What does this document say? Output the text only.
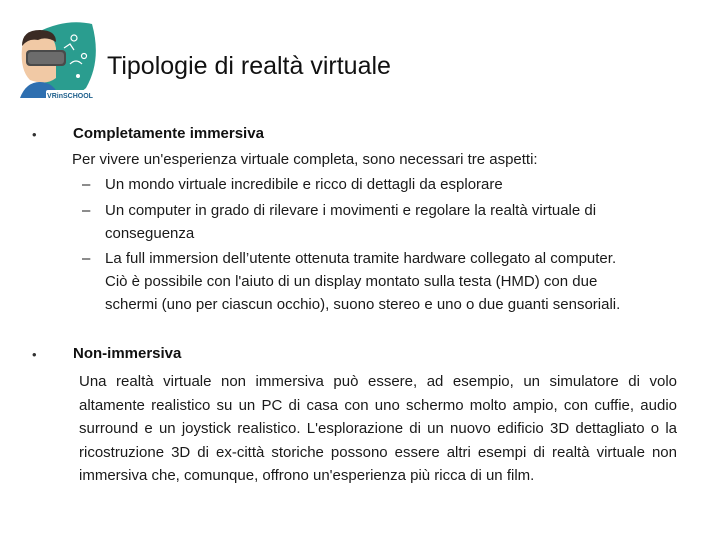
VRinSCHOOL
Tipologie di realtà virtuale
• Completamente immersiva
Per vivere un'esperienza virtuale completa, sono necessari tre aspetti:
– Un mondo virtuale incredibile e ricco di dettagli da esplorare
– Un computer in grado di rilevare i movimenti e regolare la realtà virtuale di
conseguenza
– La full immersion dell’utente ottenuta tramite hardware collegato al computer.
Ciò è possibile con l'aiuto di un display montato sulla testa (HMD) con due
schermi (uno per ciascun occhio), suono stereo e uno o due guanti sensoriali.
• Non-immersiva

Una realtà virtuale non immersiva può essere, ad esempio, un simulatore di volo altamente realistico su un PC di casa con uno schermo molto ampio, con cuffie, audio surround e un joystick realistico. L'esplorazione di un nuovo edificio 3D dettagliato o la ricostruzione 3D di ex-città storiche possono essere altri esempi di realtà virtuale non immersiva che, comunque, offrono un'esperienza più ricca di un film.
